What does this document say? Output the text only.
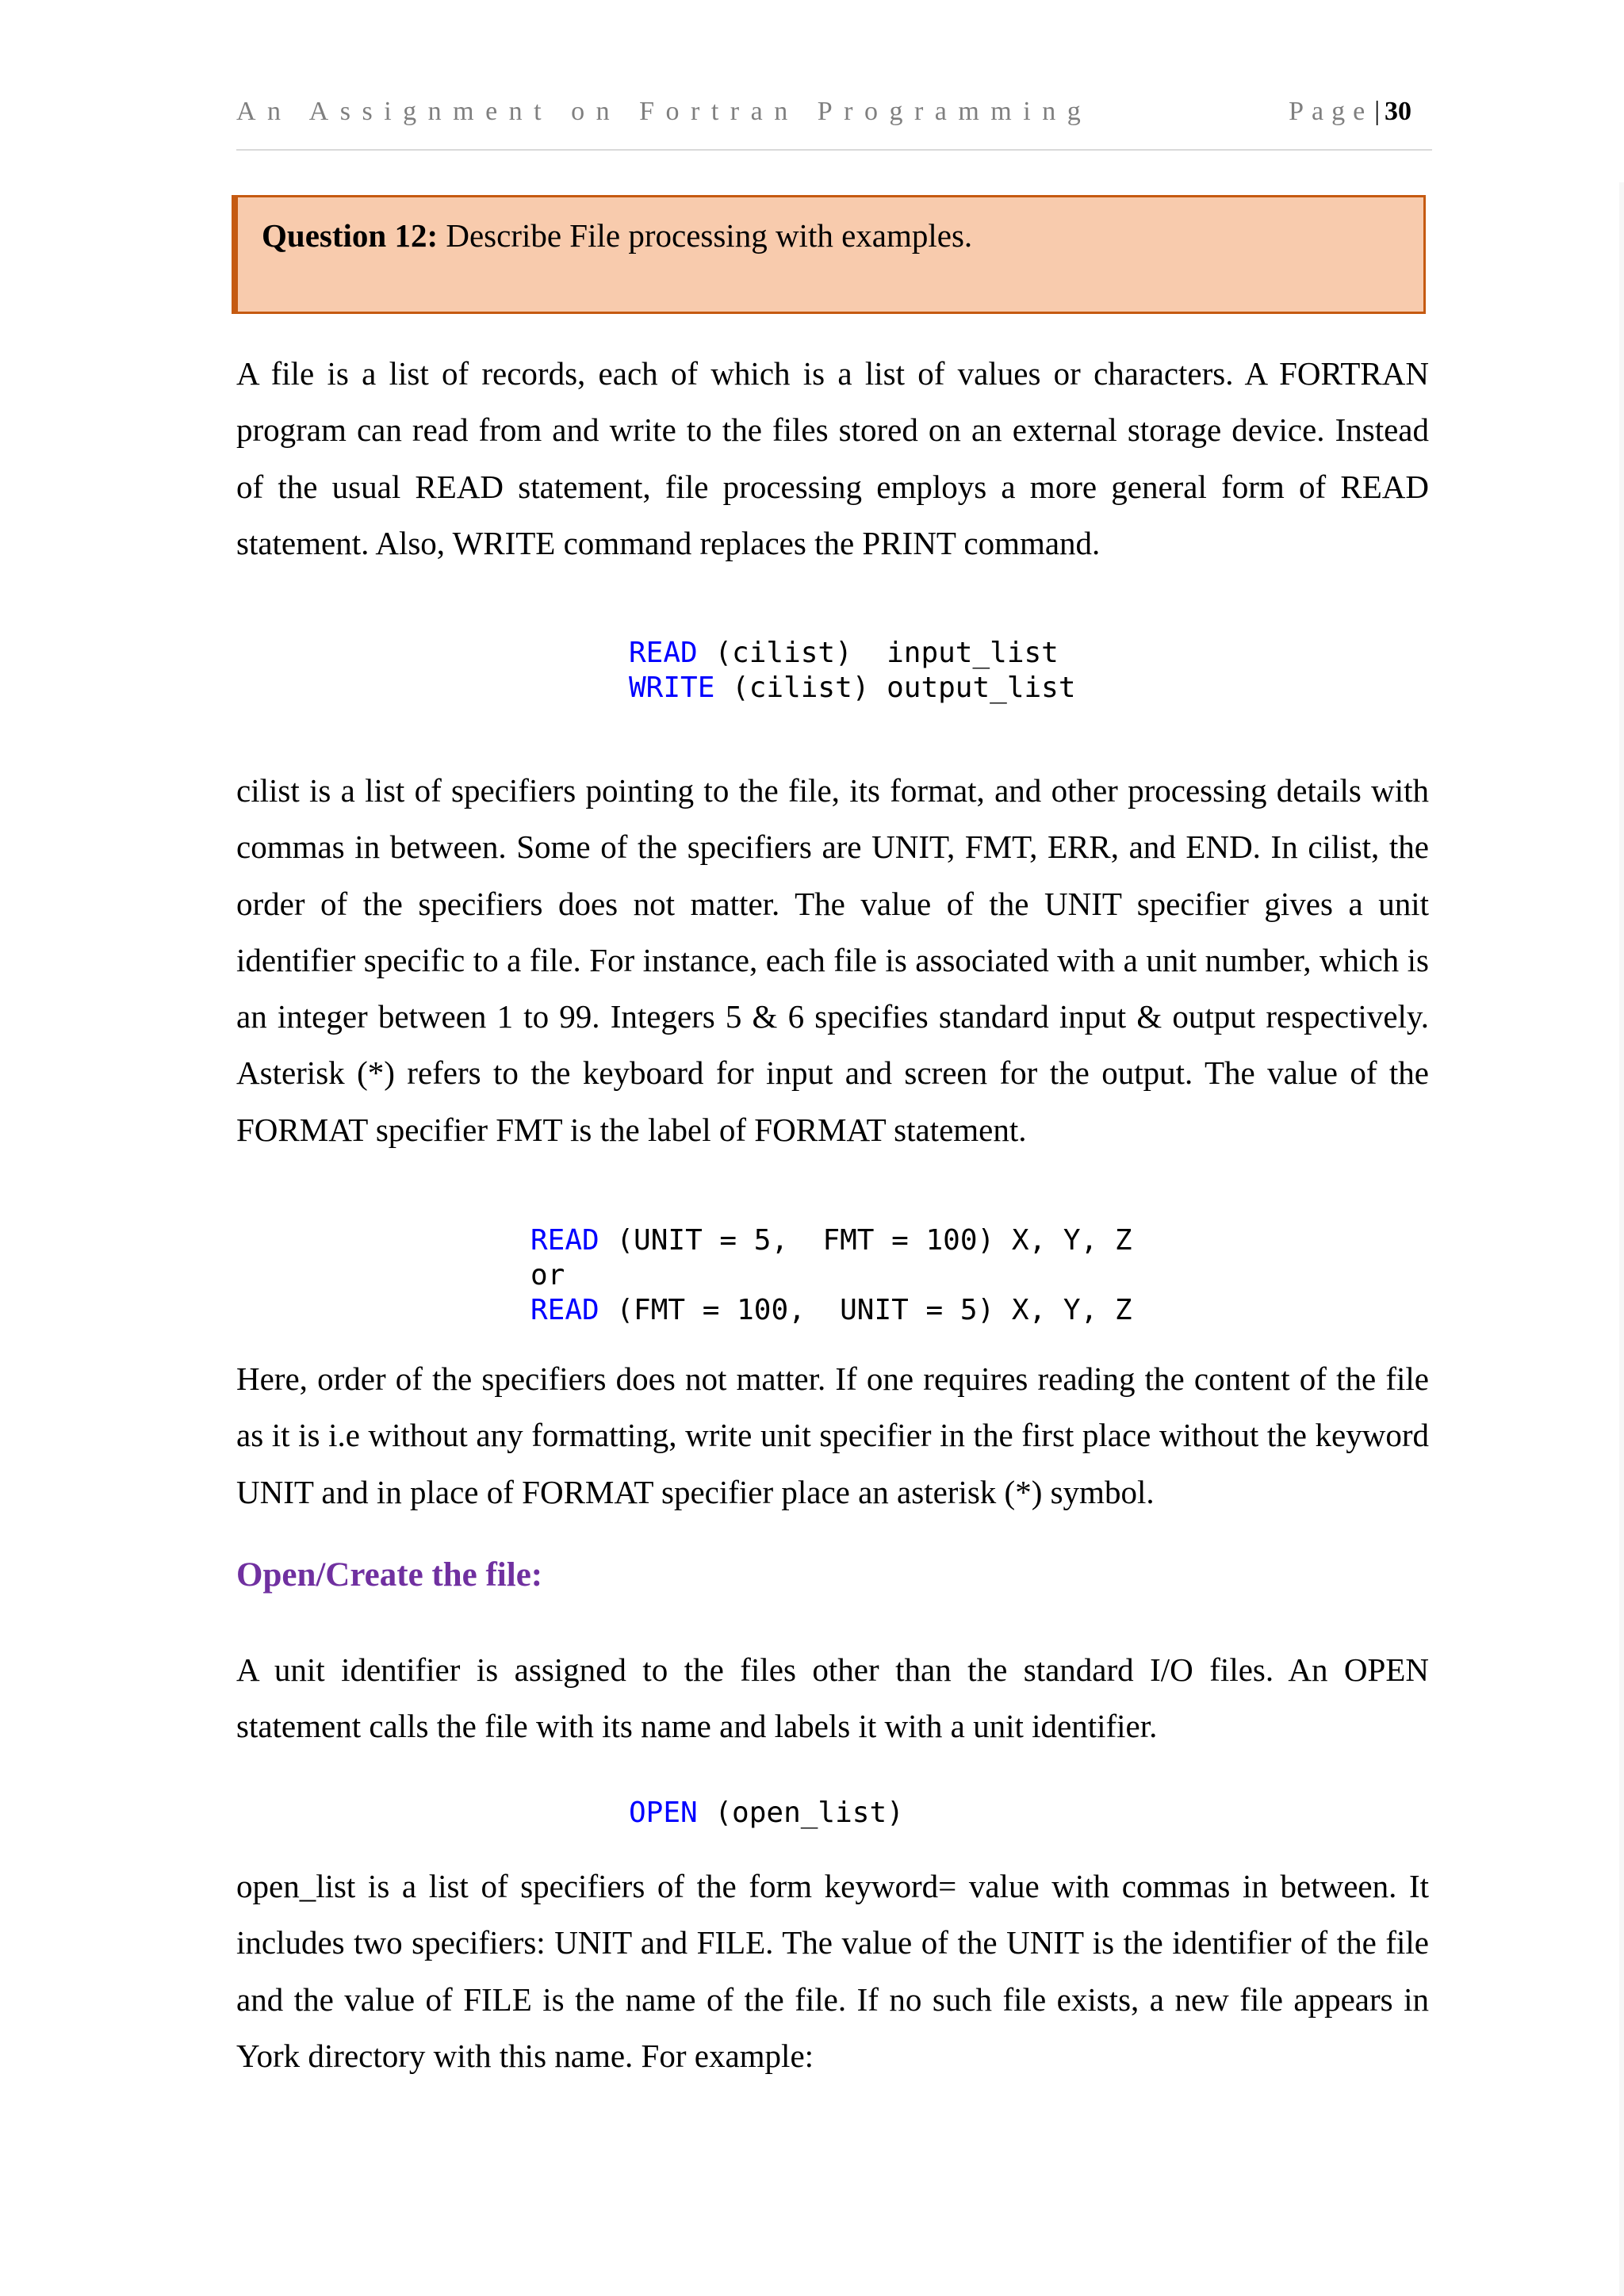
An Assignment on Fortran Programming	Page| 30
Question 12: Describe File processing with examples.

A file is a list of records, each of which is a list of values or characters. A FORTRAN program can read from and write to the files stored on an external storage device. Instead of the usual READ statement, file processing employs a more general form of READ statement. Also, WRITE command replaces the PRINT command.

READ (cilist)  input_list
WRITE (cilist) output_list

cilist is a list of specifiers pointing to the file, its format, and other processing details with commas in between. Some of the specifiers are UNIT, FMT, ERR, and END. In cilist, the order of the specifiers does not matter. The value of the UNIT specifier gives a unit identifier specific to a file. For instance, each file is associated with a unit number, which is an integer between 1 to 99. Integers 5 & 6 specifies standard input & output respectively. Asterisk (*) refers to the keyboard for input and screen for the output. The value of the FORMAT specifier FMT is the label of FORMAT statement.

READ (UNIT = 5,  FMT = 100) X, Y, Z
or
READ (FMT = 100,  UNIT = 5) X, Y, Z

Here, order of the specifiers does not matter. If one requires reading the content of the file as it is i.e without any formatting, write unit specifier in the first place without the keyword UNIT and in place of FORMAT specifier place an asterisk (*) symbol.

Open/Create the file:

A unit identifier is assigned to the files other than the standard I/O files. An OPEN statement calls the file with its name and labels it with a unit identifier.

OPEN (open_list)

open_list is a list of specifiers of the form keyword= value with commas in between. It includes two specifiers: UNIT and FILE. The value of the UNIT is the identifier of the file and the value of FILE is the name of the file. If no such file exists, a new file appears in York directory with this name. For example:
